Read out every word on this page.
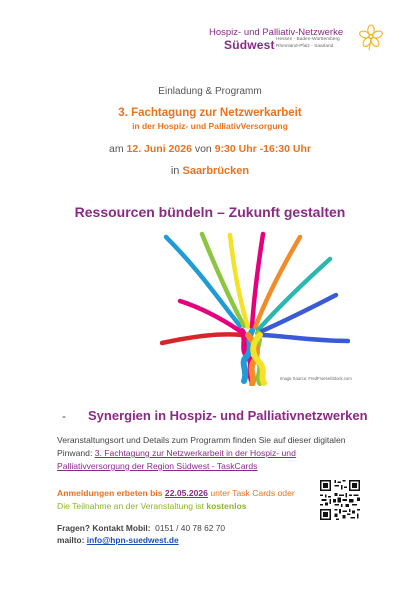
Hospiz- und Palliativ-Netzwerke
Südwest Hessen - Baden-Württemberg
Rheinland-Pfalz - Saarland
Einladung & Programm
3. Fachtagung zur Netzwerkarbeit
in der Hospiz- und PalliativVersorgung
am 12. Juni 2026 von 9:30 Uhr -16:30 Uhr
in Saarbrücken
Ressourcen bündeln – Zukunft gestalten
Image Source: FredFroese/iStock.com
- Synergien in Hospiz- und Palliativnetzwerken
Veranstaltungsort und Details zum Programm finden Sie auf dieser digitalen
Pinwand: 3. Fachtagung zur Netzwerkarbeit in der Hospiz- und
Palliativversorgung der Region Südwest - TaskCards
Anmeldungen erbeten bis 22.05.2026 unter Task Cards oder
Die Teilnahme an der Veranstaltung ist kostenlos
Fragen? Kontakt Mobil: 0151 / 40 78 62 70
mailto: info@hpn-suedwest.de
